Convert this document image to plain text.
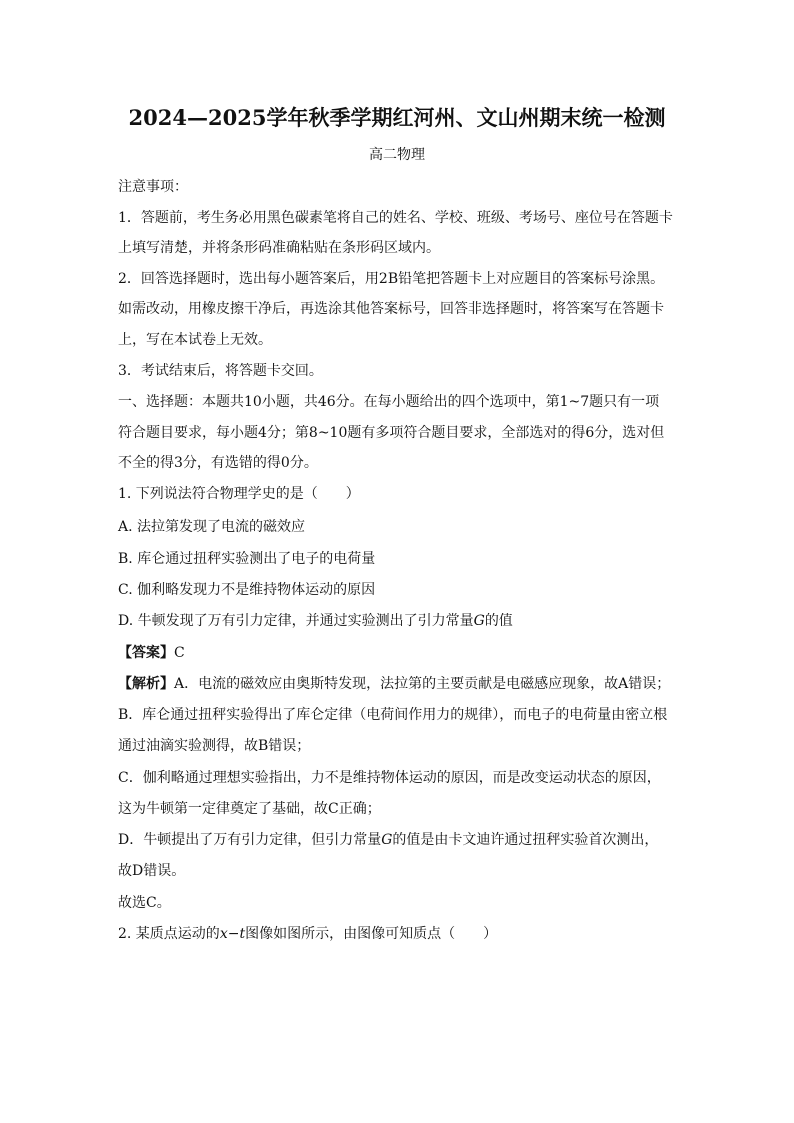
2024—2025学年秋季学期红河州、文山州期末统一检测
高二物理
注意事项：
1．答题前，考生务必用黑色碳素笔将自己的姓名、学校、班级、考场号、座位号在答题卡
上填写清楚，并将条形码准确粘贴在条形码区域内。
2．回答选择题时，选出每小题答案后，用2B铅笔把答题卡上对应题目的答案标号涂黑。
如需改动，用橡皮擦干净后，再选涂其他答案标号，回答非选择题时，将答案写在答题卡
上，写在本试卷上无效。
3．考试结束后，将答题卡交回。
一、选择题：本题共10小题，共46分。在每小题给出的四个选项中，第1~7题只有一项
符合题目要求，每小题4分；第8~10题有多项符合题目要求，全部选对的得6分，选对但
不全的得3分，有选错的得0分。
1. 下列说法符合物理学史的是（　　）
A. 法拉第发现了电流的磁效应
B. 库仑通过扭秤实验测出了电子的电荷量
C. 伽利略发现力不是维持物体运动的原因
D. 牛顿发现了万有引力定律，并通过实验测出了引力常量G的值
【答案】C
【解析】A．电流的磁效应由奥斯特发现，法拉第的主要贡献是电磁感应现象，故A错误；
B．库仑通过扭秤实验得出了库仑定律（电荷间作用力的规律），而电子的电荷量由密立根
通过油滴实验测得，故B错误；
C．伽利略通过理想实验指出，力不是维持物体运动的原因，而是改变运动状态的原因，
这为牛顿第一定律奠定了基础，故C正确；
D．牛顿提出了万有引力定律，但引力常量G的值是由卡文迪许通过扭秤实验首次测出，
故D错误。
故选C。
2. 某质点运动的x−t图像如图所示，由图像可知质点（　　）
